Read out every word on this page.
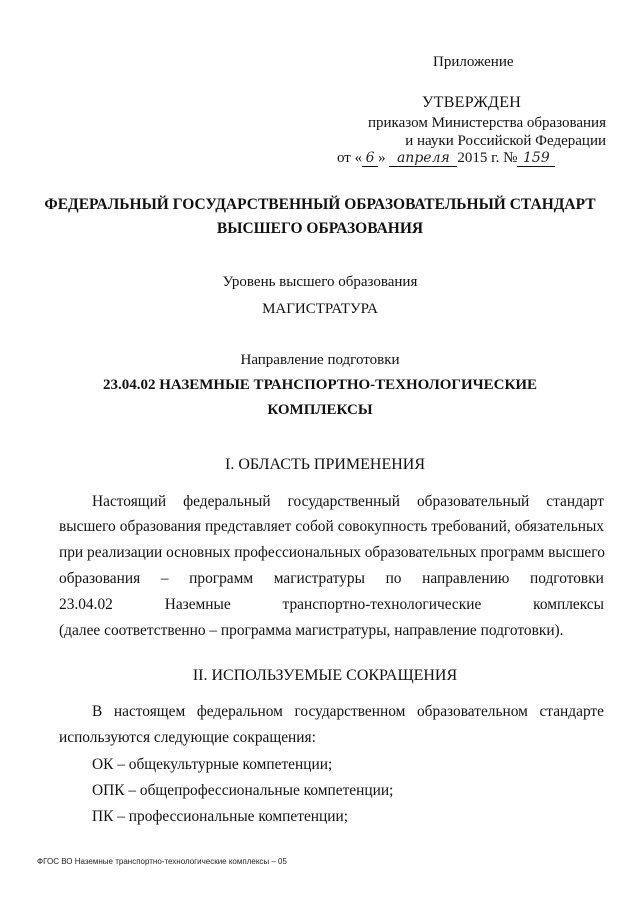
Приложение
УТВЕРЖДЕН
приказом Министерства образования
и науки Российской Федерации
от « 6 » апреля 2015 г. № 159
ФЕДЕРАЛЬНЫЙ ГОСУДАРСТВЕННЫЙ ОБРАЗОВАТЕЛЬНЫЙ СТАНДАРТ
ВЫСШЕГО ОБРАЗОВАНИЯ
Уровень высшего образования
МАГИСТРАТУРА
Направление подготовки
23.04.02 НАЗЕМНЫЕ ТРАНСПОРТНО-ТЕХНОЛОГИЧЕСКИЕ
КОМПЛЕКСЫ
I. ОБЛАСТЬ ПРИМЕНЕНИЯ
Настоящий федеральный государственный образовательный стандарт
высшего образования представляет собой совокупность требований, обязательных
при реализации основных профессиональных образовательных программ высшего
образования – программ магистратуры по направлению подготовки
23.04.02	Наземные	транспортно-технологические	комплексы
(далее соответственно – программа магистратуры, направление подготовки).
II. ИСПОЛЬЗУЕМЫЕ СОКРАЩЕНИЯ
В настоящем федеральном государственном образовательном стандарте
используются следующие сокращения:
ОК – общекультурные компетенции;
ОПК – общепрофессиональные компетенции;
ПК – профессиональные компетенции;
ФГОС ВО Наземные транспортно-технологические комплексы – 05
